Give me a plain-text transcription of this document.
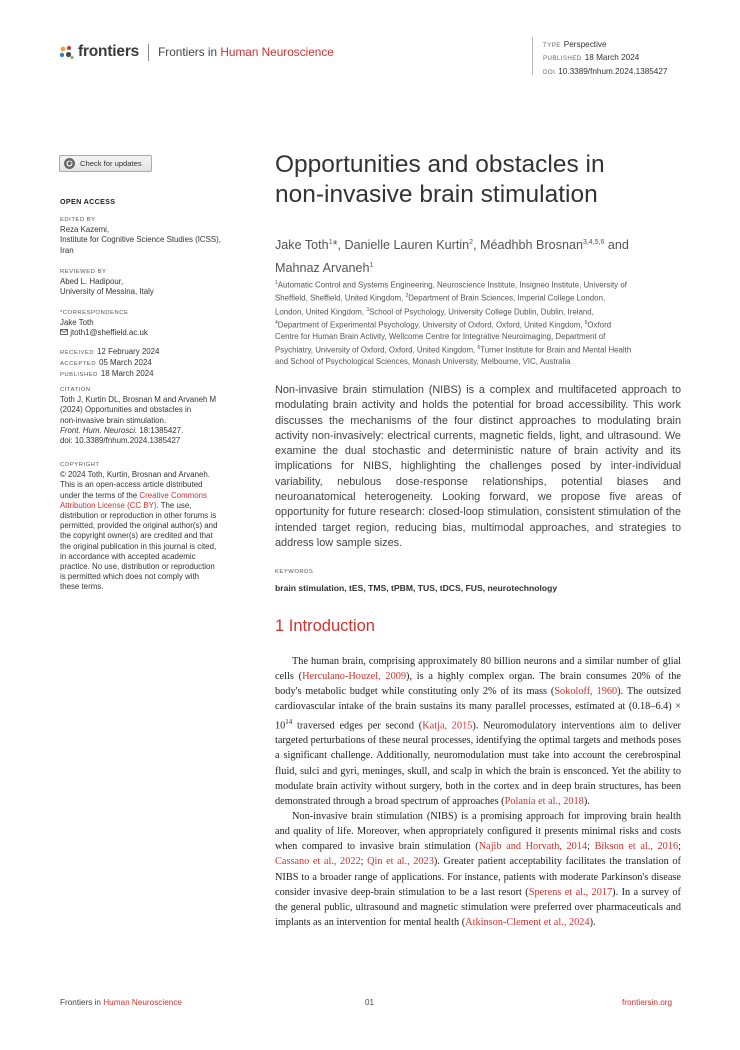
frontiers Frontiers in Human Neuroscience	TYPE Perspective
PUBLISHED 18 March 2024
DOI 10.3389/fnhum.2024.1385427
Check for updates
OPEN ACCESS
EDITED BY
Reza Kazemi,
Institute for Cognitive Science Studies (ICSS),
Iran
REVIEWED BY
Abed L. Hadipour,
University of Messina, Italy
*CORRESPONDENCE
Jake Toth
jtoth1@sheffield.ac.uk
RECEIVED 12 February 2024
ACCEPTED 05 March 2024
PUBLISHED 18 March 2024
CITATION
Toth J, Kurtin DL, Brosnan M and Arvaneh M
(2024) Opportunities and obstacles in
non-invasive brain stimulation.
Front. Hum. Neurosci. 18:1385427.
doi: 10.3389/fnhum.2024.1385427
COPYRIGHT
© 2024 Toth, Kurtin, Brosnan and Arvaneh.
This is an open-access article distributed
under the terms of the Creative Commons
Attribution License (CC BY). The use,
distribution or reproduction in other forums is
permitted, provided the original author(s) and
the copyright owner(s) are credited and that
the original publication in this journal is cited,
in accordance with accepted academic
practice. No use, distribution or reproduction
is permitted which does not comply with
these terms.
Opportunities and obstacles in
non-invasive brain stimulation
Jake Toth$^1$*, Danielle Lauren Kurtin$^2$, Méadhbh Brosnan$^{3,4,5,6}$ and
Mahnaz Arvaneh$^1$
$^1$Automatic Control and Systems Engineering, Neuroscience Institute, Insigneo Institute, University of
Sheffield, Sheffield, United Kingdom, $^2$Department of Brain Sciences, Imperial College London,
London, United Kingdom, $^3$School of Psychology, University College Dublin, Dublin, Ireland,
$^4$Department of Experimental Psychology, University of Oxford, Oxford, United Kingdom, $^5$Oxford
Centre for Human Brain Activity, Wellcome Centre for Integrative Neuroimaging, Department of
Psychiatry, University of Oxford, Oxford, United Kingdom, $^6$Turner Institute for Brain and Mental Health
and School of Psychological Sciences, Monash University, Melbourne, VIC, Australia
Non-invasive brain stimulation (NIBS) is a complex and multifaceted approach to modulating brain activity and holds the potential for broad accessibility. This work discusses the mechanisms of the four distinct approaches to modulating brain activity non-invasively: electrical currents, magnetic fields, light, and ultrasound. We examine the dual stochastic and deterministic nature of brain activity and its implications for NIBS, highlighting the challenges posed by inter-individual variability, nebulous dose-response relationships, potential biases and neuroanatomical heterogeneity. Looking forward, we propose five areas of opportunity for future research: closed-loop stimulation, consistent stimulation of the intended target region, reducing bias, multimodal approaches, and strategies to address low sample sizes.
KEYWORDS
brain stimulation, tES, TMS, tPBM, TUS, tDCS, FUS, neurotechnology
1 Introduction

The human brain, comprising approximately 80 billion neurons and a similar number of glial cells (Herculano-Houzel, 2009), is a highly complex organ. The brain consumes 20% of the body's metabolic budget while constituting only 2% of its mass (Sokoloff, 1960). The outsized cardiovascular intake of the brain sustains its many parallel processes, estimated at $(0.18-6.4) \times 10^{14}$ traversed edges per second (Katja, 2015). Neuromodulatory interventions aim to deliver targeted perturbations of these neural processes, identifying the optimal targets and methods poses a significant challenge. Additionally, neuromodulation must take into account the cerebrospinal fluid, sulci and gyri, meninges, skull, and scalp in which the brain is ensconced. Yet the ability to modulate brain activity without surgery, both in the cortex and in deep brain structures, has been demonstrated through a broad spectrum of approaches (Polanía et al., 2018).

Non-invasive brain stimulation (NIBS) is a promising approach for improving brain health and quality of life. Moreover, when appropriately configured it presents minimal risks and costs when compared to invasive brain stimulation (Najib and Horvath, 2014; Bikson et al., 2016; Cassano et al., 2022; Qin et al., 2023). Greater patient acceptability facilitates the translation of NIBS to a broader range of applications. For instance, patients with moderate Parkinson's disease consider invasive deep-brain stimulation to be a last resort (Sperens et al., 2017). In a survey of the general public, ultrasound and magnetic stimulation were preferred over pharmaceuticals and implants as an intervention for mental health (Atkinson-Clement et al., 2024).

Frontiers in Human Neuroscience	01	frontiersin.org
